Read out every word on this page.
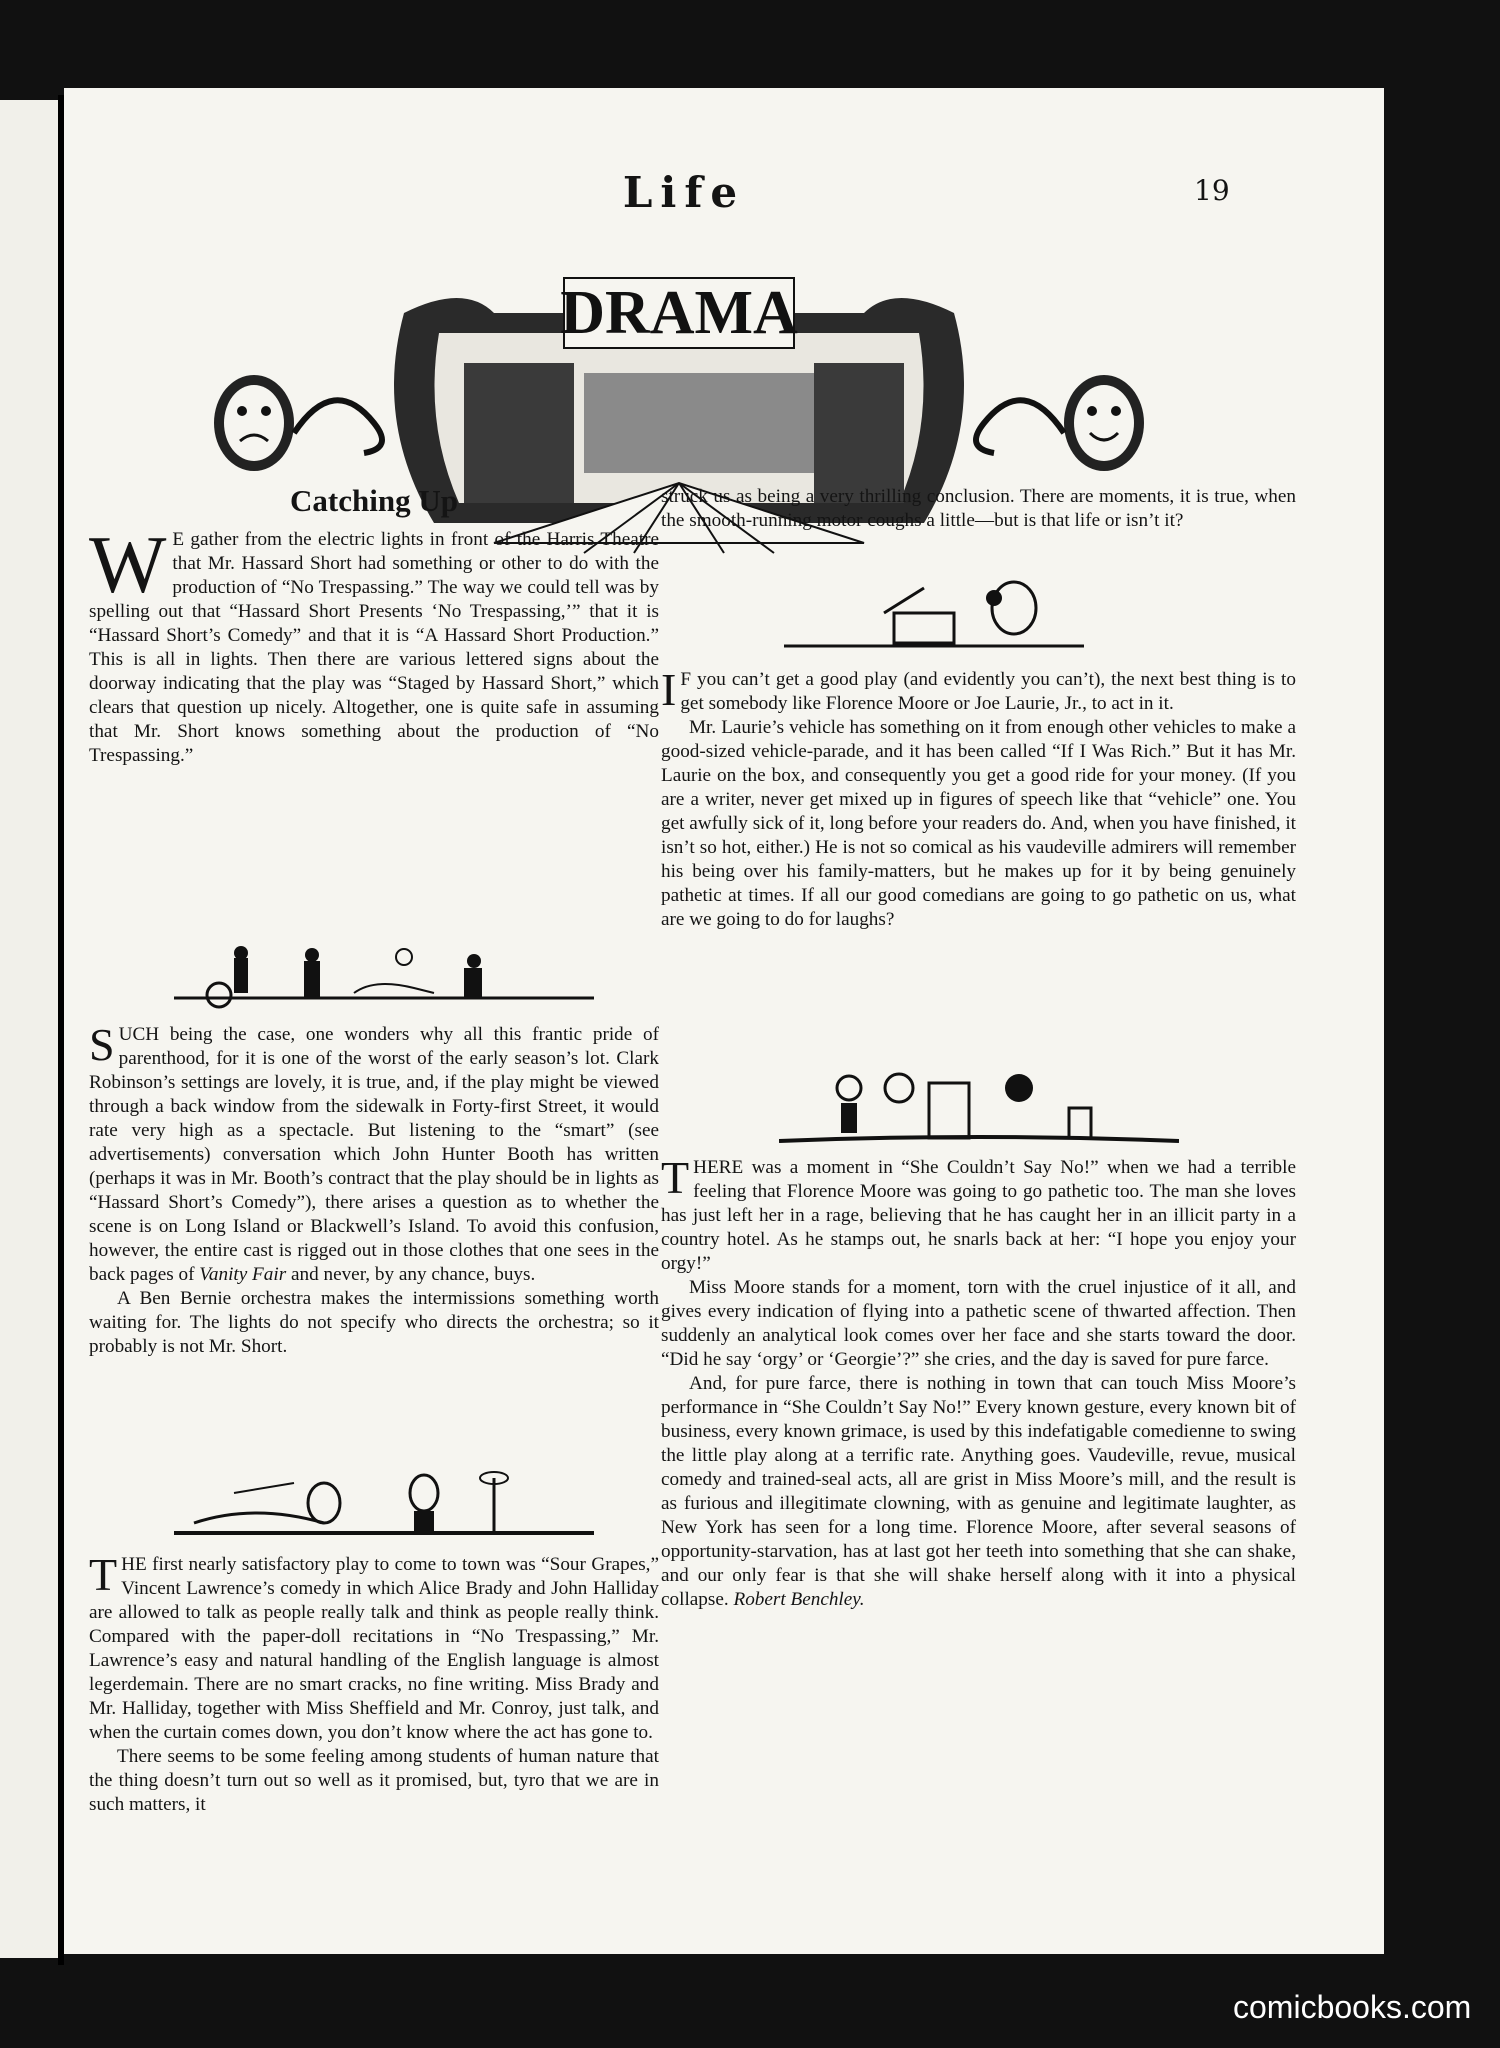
Life	19
DRAMA
Catching Up

W E gather from the electric lights in front of the Harris Theatre that Mr. Hassard Short had something or other to do with the production of “No Trespassing.” The way we could tell was by spelling out that “Hassard Short Presents ‘No Trespassing,’” that it is “Hassard Short’s Comedy” and that it is “A Hassard Short Production.” This is all in lights. Then there are various lettered signs about the doorway indicating that the play was “Staged by Hassard Short,” which clears that question up nicely. Altogether, one is quite safe in assuming that Mr. Short knows something about the production of “No Trespassing.”

SUCH being the case, one wonders why all this frantic pride of parenthood, for it is one of the worst of the early season’s lot. Clark Robinson’s settings are lovely, it is true, and, if the play might be viewed through a back window from the sidewalk in Forty-first Street, it would rate very high as a spectacle. But listening to the “smart” (see advertisements) conversation which John Hunter Booth has written (perhaps it was in Mr. Booth’s contract that the play should be in lights as “Hassard Short’s Comedy”), there arises a question as to whether the scene is on Long Island or Blackwell’s Island. To avoid this confusion, however, the entire cast is rigged out in those clothes that one sees in the back pages of Vanity Fair and never, by any chance, buys.

A Ben Bernie orchestra makes the intermissions something worth waiting for. The lights do not specify who directs the orchestra; so it probably is not Mr. Short.

THE first nearly satisfactory play to come to town was “Sour Grapes,” Vincent Lawrence’s comedy in which Alice Brady and John Halliday are allowed to talk as people really talk and think as people really think. Compared with the paper-doll recitations in “No Trespassing,” Mr. Lawrence’s easy and natural handling of the English language is almost legerdemain. There are no smart cracks, no fine writing. Miss Brady and Mr. Halliday, together with Miss Sheffield and Mr. Conroy, just talk, and when the curtain comes down, you don’t know where the act has gone to.

There seems to be some feeling among students of human nature that the thing doesn’t turn out so well as it promised, but, tyro that we are in such matters, it

struck us as being a very thrilling conclusion. There are moments, it is true, when the smooth-running motor coughs a little—but is that life or isn’t it?

I F you can’t get a good play (and evidently you can’t), the next best thing is to get somebody like Florence Moore or Joe Laurie, Jr., to act in it.

Mr. Laurie’s vehicle has something on it from enough other vehicles to make a good-sized vehicle-parade, and it has been called “If I Was Rich.” But it has Mr. Laurie on the box, and consequently you get a good ride for your money. (If you are a writer, never get mixed up in figures of speech like that “vehicle” one. You get awfully sick of it, long before your readers do. And, when you have finished, it isn’t so hot, either.) He is not so comical as his vaudeville admirers will remember his being over his family-matters, but he makes up for it by being genuinely pathetic at times. If all our good comedians are going to go pathetic on us, what are we going to do for laughs?

THERE was a moment in “She Couldn’t Say No!” when we had a terrible feeling that Florence Moore was going to go pathetic too. The man she loves has just left her in a rage, believing that he has caught her in an illicit party in a country hotel. As he stamps out, he snarls back at her: “I hope you enjoy your orgy!”

Miss Moore stands for a moment, torn with the cruel injustice of it all, and gives every indication of flying into a pathetic scene of thwarted affection. Then suddenly an analytical look comes over her face and she starts toward the door. “Did he say ‘orgy’ or ‘Georgie’?” she cries, and the day is saved for pure farce.

And, for pure farce, there is nothing in town that can touch Miss Moore’s performance in “She Couldn’t Say No!” Every known gesture, every known bit of business, every known grimace, is used by this indefatigable comedienne to swing the little play along at a terrific rate. Anything goes. Vaudeville, revue, musical comedy and trained-seal acts, all are grist in Miss Moore’s mill, and the result is as furious and illegitimate clowning, with as genuine and legitimate laughter, as New York has seen for a long time. Florence Moore, after several seasons of opportunity-starvation, has at last got her teeth into something that she can shake, and our only fear is that she will shake herself along with it into a physical collapse. Robert Benchley.

comicbooks.com
